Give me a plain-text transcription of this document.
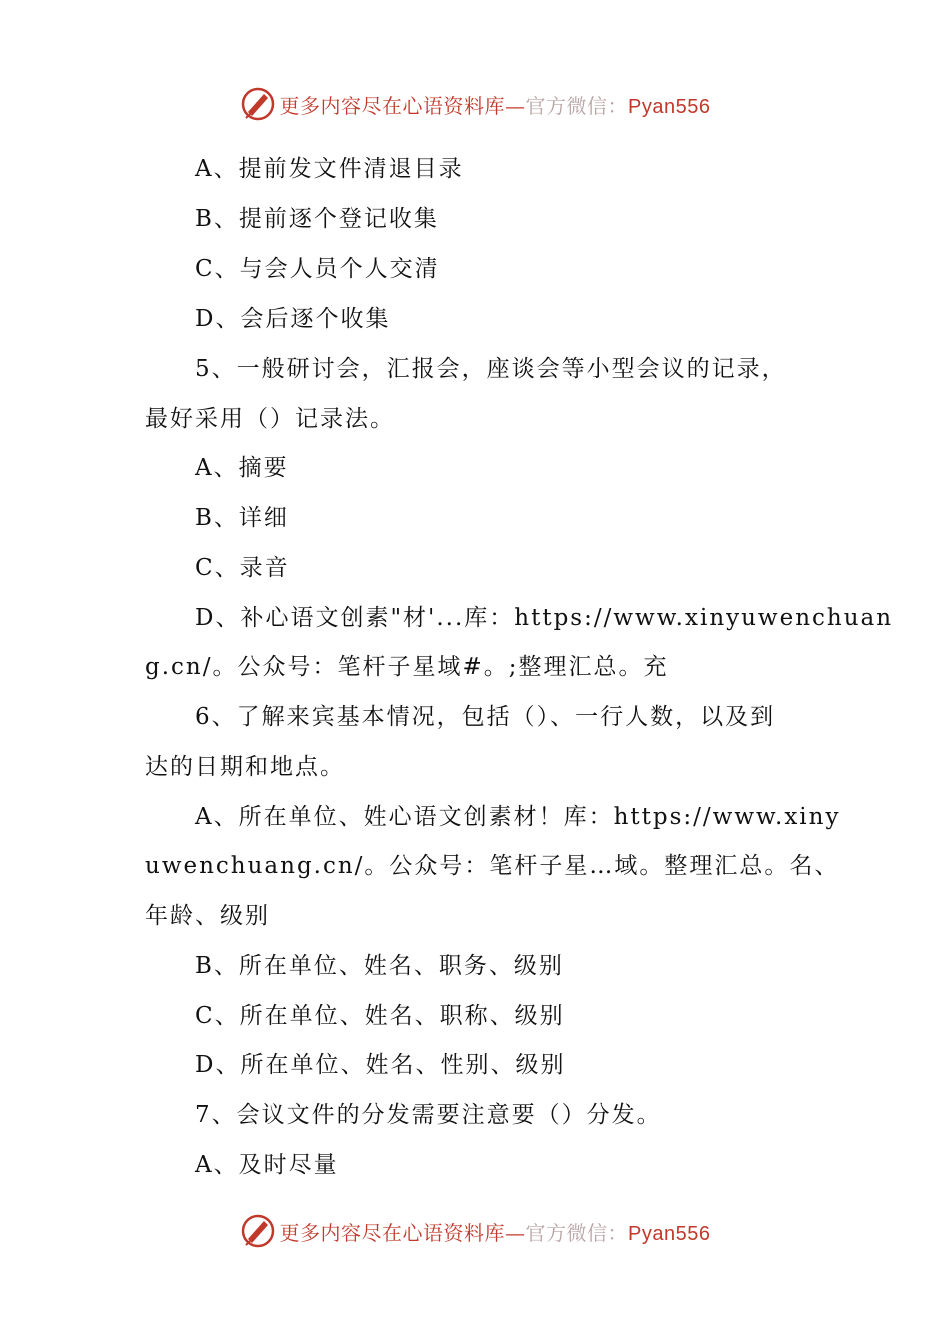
更多内容尽在心语资料库—官方微信：Pyan556
A、提前发文件清退目录
B、提前逐个登记收集
C、与会人员个人交清
D、会后逐个收集
5、一般研讨会，汇报会，座谈会等小型会议的记录，
最好采用（）记录法。
A、摘要
B、详细
C、录音
D、补心语文创素"材'...库：https://www.xinyuwenchuan
g.cn/。公众号：笔杆子星域#。;整理汇总。充
6、了解来宾基本情况，包括（）、一行人数，以及到
达的日期和地点。
A、所在单位、姓心语文创素材！库：https://www.xiny
uwenchuang.cn/。公众号：笔杆子星…域。整理汇总。名、
年龄、级别
B、所在单位、姓名、职务、级别
C、所在单位、姓名、职称、级别
D、所在单位、姓名、性别、级别
7、会议文件的分发需要注意要（）分发。
A、及时尽量
更多内容尽在心语资料库—官方微信：Pyan556
